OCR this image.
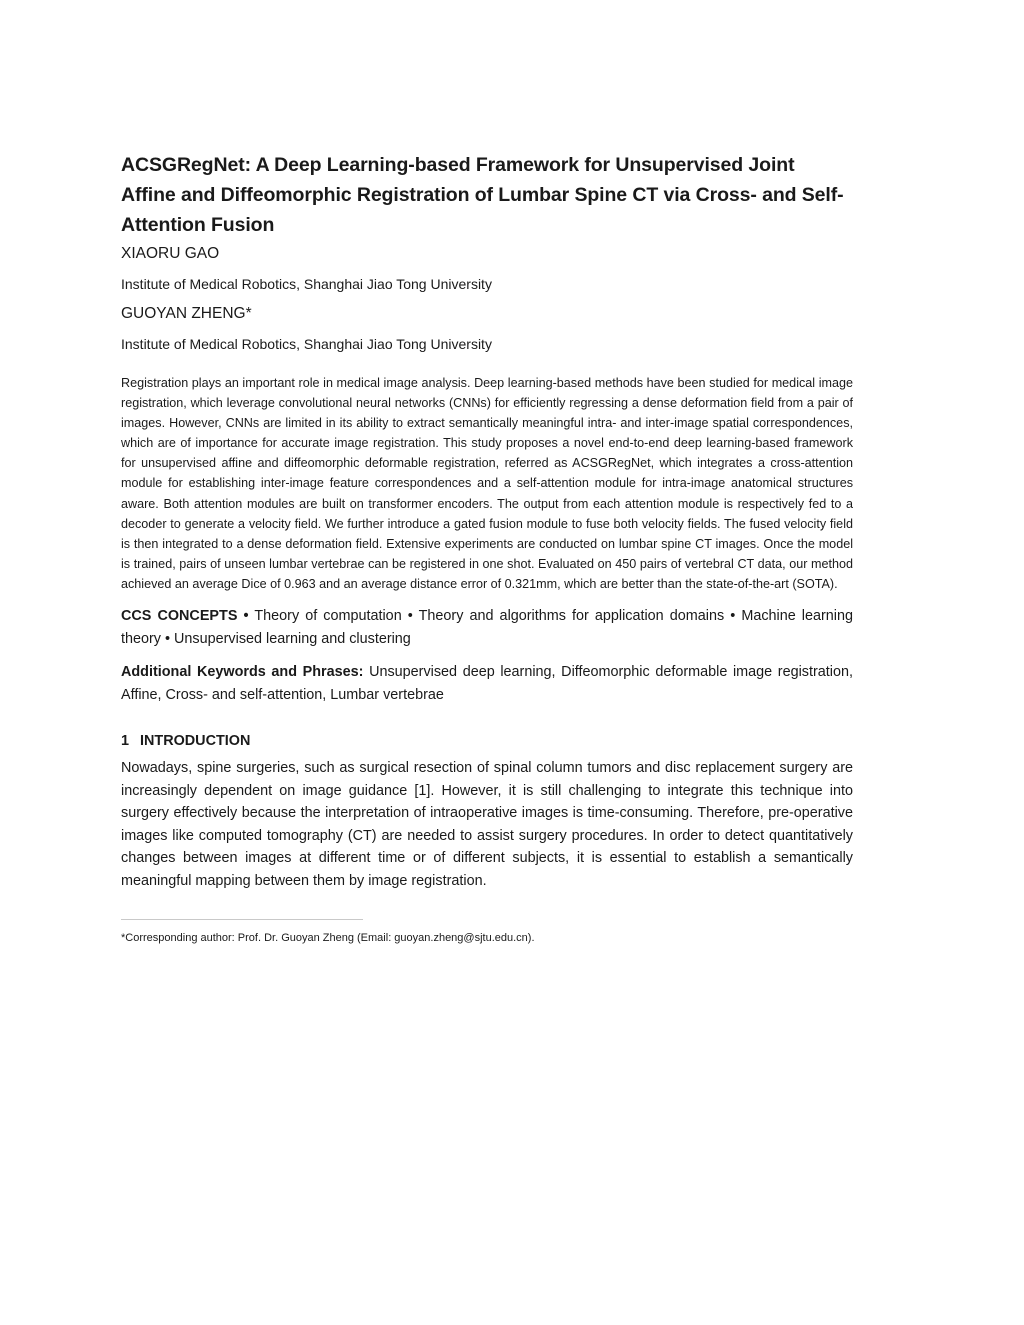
ACSGRegNet: A Deep Learning-based Framework for Unsupervised Joint Affine and Diffeomorphic Registration of Lumbar Spine CT via Cross- and Self-Attention Fusion
XIAORU GAO
Institute of Medical Robotics, Shanghai Jiao Tong University
GUOYAN ZHENG*
Institute of Medical Robotics, Shanghai Jiao Tong University

Registration plays an important role in medical image analysis. Deep learning-based methods have been studied for medical image registration, which leverage convolutional neural networks (CNNs) for efficiently regressing a dense deformation field from a pair of images. However, CNNs are limited in its ability to extract semantically meaningful intra- and inter-image spatial correspondences, which are of importance for accurate image registration. This study proposes a novel end-to-end deep learning-based framework for unsupervised affine and diffeomorphic deformable registration, referred as ACSGRegNet, which integrates a cross-attention module for establishing inter-image feature correspondences and a self-attention module for intra-image anatomical structures aware. Both attention modules are built on transformer encoders. The output from each attention module is respectively fed to a decoder to generate a velocity field. We further introduce a gated fusion module to fuse both velocity fields. The fused velocity field is then integrated to a dense deformation field. Extensive experiments are conducted on lumbar spine CT images. Once the model is trained, pairs of unseen lumbar vertebrae can be registered in one shot. Evaluated on 450 pairs of vertebral CT data, our method achieved an average Dice of 0.963 and an average distance error of 0.321mm, which are better than the state-of-the-art (SOTA).

CCS CONCEPTS • Theory of computation • Theory and algorithms for application domains • Machine learning theory • Unsupervised learning and clustering

Additional Keywords and Phrases: Unsupervised deep learning, Diffeomorphic deformable image registration, Affine, Cross- and self-attention, Lumbar vertebrae

1 INTRODUCTION

Nowadays, spine surgeries, such as surgical resection of spinal column tumors and disc replacement surgery are increasingly dependent on image guidance [1]. However, it is still challenging to integrate this technique into surgery effectively because the interpretation of intraoperative images is time-consuming. Therefore, pre-operative images like computed tomography (CT) are needed to assist surgery procedures. In order to detect quantitatively changes between images at different time or of different subjects, it is essential to establish a semantically meaningful mapping between them by image registration.

*Corresponding author: Prof. Dr. Guoyan Zheng (Email: guoyan.zheng@sjtu.edu.cn).
